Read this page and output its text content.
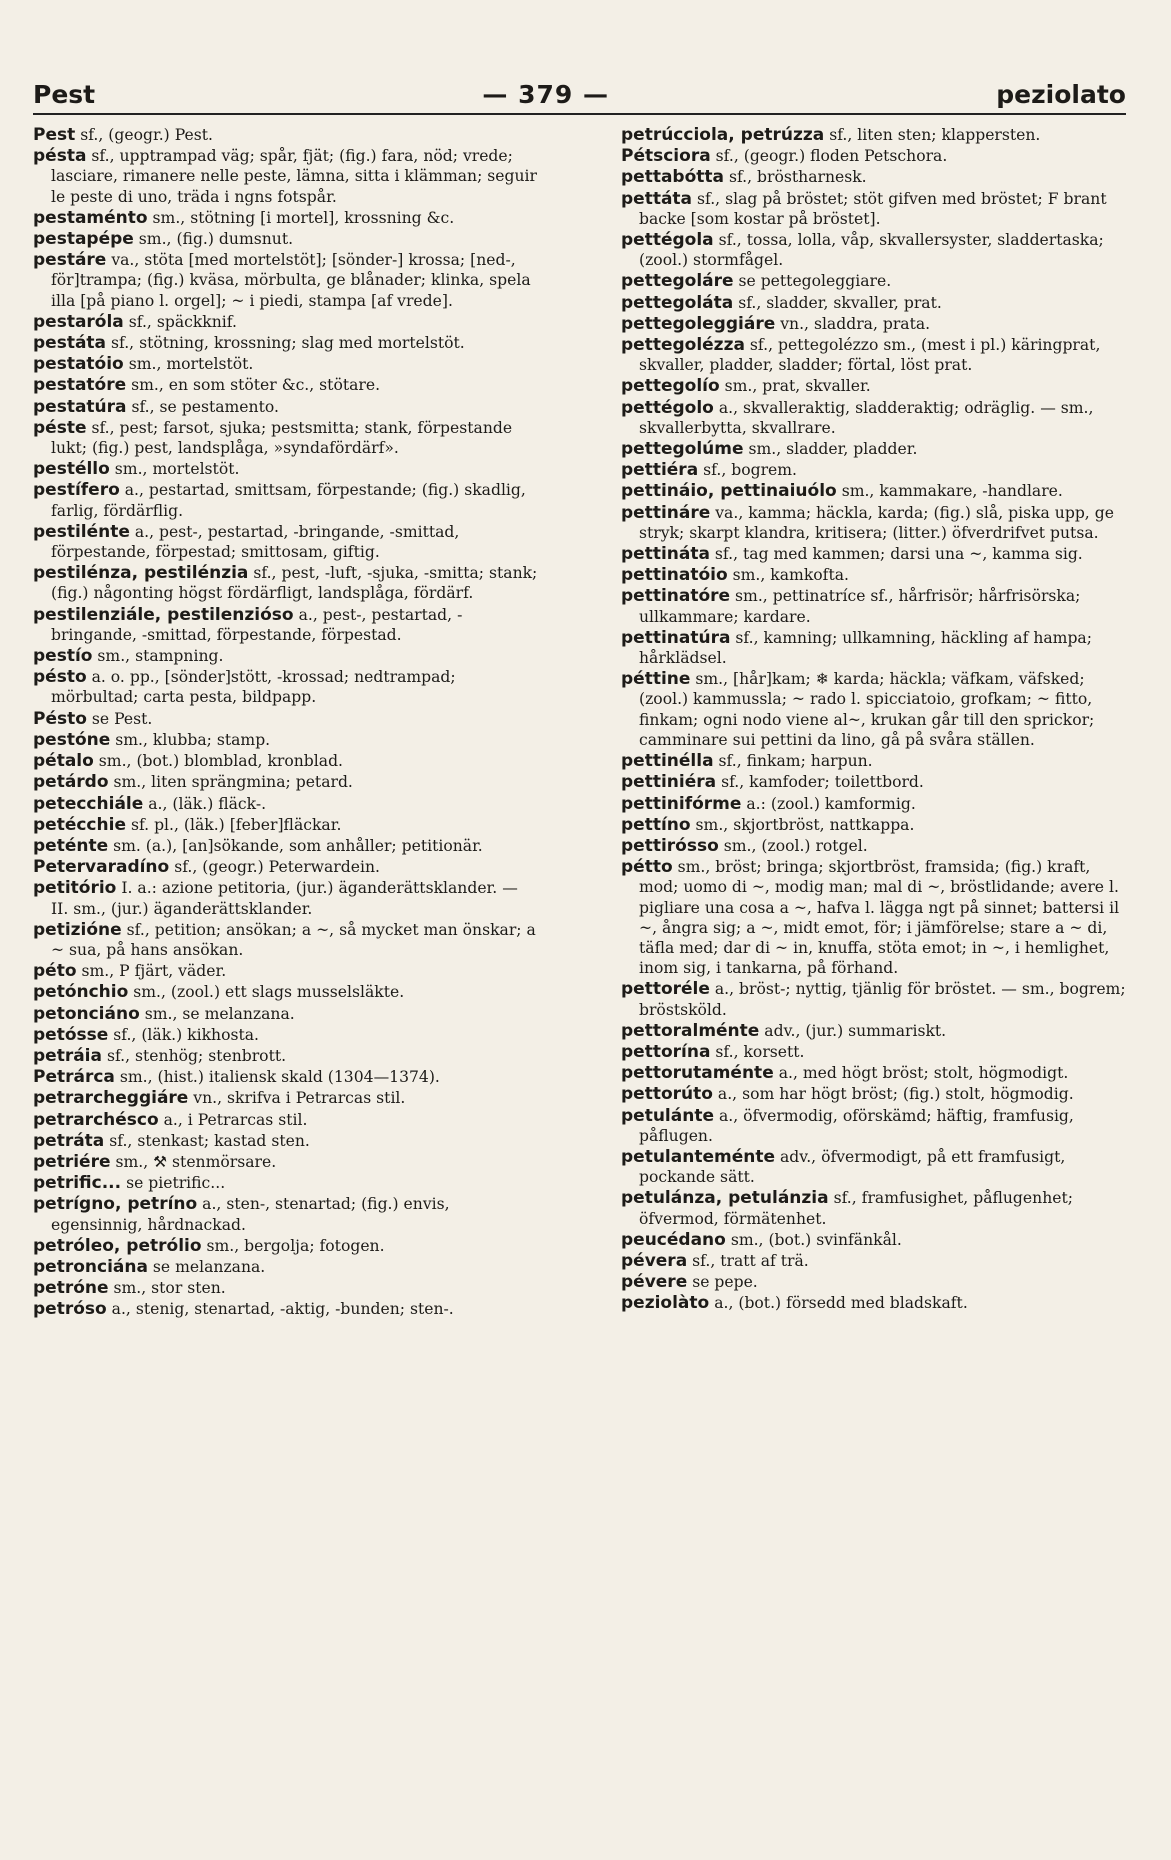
Pest	— 379 —	peziolato
Pest sf., (geogr.) Pest.
pésta sf., upptrampad väg; spår, fjät; (fig.) fara, nöd; vrede; lasciare, rimanere nelle peste, lämna, sitta i klämman; seguir le peste di uno, träda i ngns fotspår.
pestaménto sm., stötning [i mortel], krossning &c.
pestapépe sm., (fig.) dumsnut.
pestáre va., stöta [med mortelstöt]; [sönder-] krossa; [ned-, för]trampa; (fig.) kväsa, mörbulta, ge blånader; klinka, spela illa [på piano l. orgel]; ~ i piedi, stampa [af vrede].
pestaróla sf., späckknif.
pestáta sf., stötning, krossning; slag med mortelstöt.
pestatóio sm., mortelstöt.
pestatóre sm., en som stöter &c., stötare.
pestatúra sf., se pestamento.
péste sf., pest; farsot, sjuka; pestsmitta; stank, förpestande lukt; (fig.) pest, landsplåga, »syndafördärf».
pestéllo sm., mortelstöt.
pestífero a., pestartad, smittsam, förpestande; (fig.) skadlig, farlig, fördärflig.
pestilénte a., pest-, pestartad, -bringande, -smittad, förpestande, förpestad; smittosam, giftig.
pestilénza, pestilénzia sf., pest, -luft, -sjuka, -smitta; stank; (fig.) någonting högst fördärfligt, landsplåga, fördärf.
pestilenziále, pestilenzióso a., pest-, pestartad, -bringande, -smittad, förpestande, förpestad.
pestío sm., stampning.
pésto a. o. pp., [sönder]stött, -krossad; nedtrampad; mörbultad; carta pesta, bildpapp.
Pésto se Pest.
pestóne sm., klubba; stamp.
pétalo sm., (bot.) blomblad, kronblad.
petárdo sm., liten sprängmina; petard.
petecchiále a., (läk.) fläck-.
petécchie sf. pl., (läk.) [feber]fläckar.
peténte sm. (a.), [an]sökande, som anhåller; petitionär.
Petervaradíno sf., (geogr.) Peterwardein.
petitório I. a.: azione petitoria, (jur.) äganderättsklander. — II. sm., (jur.) äganderättsklander.
petizióne sf., petition; ansökan; a ~, så mycket man önskar; a ~ sua, på hans ansökan.
péto sm., P fjärt, väder.
petónchio sm., (zool.) ett slags musselsläkte.
petonciáno sm., se melanzana.
petósse sf., (läk.) kikhosta.
petráia sf., stenhög; stenbrott.
Petrárca sm., (hist.) italiensk skald (1304—1374).
petrarcheggiáre vn., skrifva i Petrarcas stil.
petrarchésco a., i Petrarcas stil.
petráta sf., stenkast; kastad sten.
petriére sm., ⚒ stenmörsare.
petrific... se pietrific...
petrígno, petríno a., sten-, stenartad; (fig.) envis, egensinnig, hårdnackad.
petróleo, petrólio sm., bergolja; fotogen.
petronciána se melanzana.
petróne sm., stor sten.
petróso a., stenig, stenartad, -aktig, -bunden; sten-.
petrúcciola, petrúzza sf., liten sten; klappersten.
Pétsciora sf., (geogr.) floden Petschora.
pettabótta sf., bröstharnesk.
pettáta sf., slag på bröstet; stöt gifven med bröstet; F brant backe [som kostar på bröstet].
pettégola sf., tossa, lolla, våp, skvallersyster, sladdertaska; (zool.) stormfågel.
pettegoláre se pettegoleggiare.
pettegoláta sf., sladder, skvaller, prat.
pettegoleggiáre vn., sladdra, prata.
pettegolézza sf., pettegolézzo sm., (mest i pl.) käringprat, skvaller, pladder, sladder; förtal, löst prat.
pettegolío sm., prat, skvaller.
pettégolo a., skvalleraktig, sladderaktig; odräglig. — sm., skvallerbytta, skvallrare.
pettegolúme sm., sladder, pladder.
pettiéra sf., bogrem.
pettináio, pettinaiuólo sm., kammakare, -handlare.
pettináre va., kamma; häckla, karda; (fig.) slå, piska upp, ge stryk; skarpt klandra, kritisera; (litter.) öfverdrifvet putsa.
pettináta sf., tag med kammen; darsi una ~, kamma sig.
pettinatóio sm., kamkofta.
pettinatóre sm., pettinatríce sf., hårfrisör; hårfrisörska; ullkammare; kardare.
pettinatúra sf., kamning; ullkamning, häckling af hampa; hårklädsel.
péttine sm., [hår]kam; ❄ karda; häckla; väfkam, väfsked; (zool.) kammussla; ~ rado l. spicciatoio, grofkam; ~ fitto, finkam; ogni nodo viene al~, krukan går till den sprickor; camminare sui pettini da lino, gå på svåra ställen.
pettinélla sf., finkam; harpun.
pettiniéra sf., kamfoder; toilettbord.
pettinifórme a.: (zool.) kamformig.
pettíno sm., skjortbröst, nattkappa.
pettirósso sm., (zool.) rotgel.
pétto sm., bröst; bringa; skjortbröst, framsida; (fig.) kraft, mod; uomo di ~, modig man; mal di ~, bröstlidande; avere l. pigliare una cosa a ~, hafva l. lägga ngt på sinnet; battersi il ~, ångra sig; a ~, midt emot, för; i jämförelse; stare a ~ di, täfla med; dar di ~ in, knuffa, stöta emot; in ~, i hemlighet, inom sig, i tankarna, på förhand.
pettoréle a., bröst-; nyttig, tjänlig för bröstet. — sm., bogrem; bröstsköld.
pettoralménte adv., (jur.) summariskt.
pettorína sf., korsett.
pettorutaménte a., med högt bröst; stolt, högmodigt.
pettorúto a., som har högt bröst; (fig.) stolt, högmodig.
petulánte a., öfvermodig, oförskämd; häftig, framfusig, påflugen.
petulanteménte adv., öfvermodigt, på ett framfusigt, pockande sätt.
petulánza, petulánzia sf., framfusighet, påflugenhet; öfvermod, förmätenhet.
peucédano sm., (bot.) svinfänkål.
pévera sf., tratt af trä.
pévere se pepe.
peziolàto a., (bot.) försedd med bladskaft.
